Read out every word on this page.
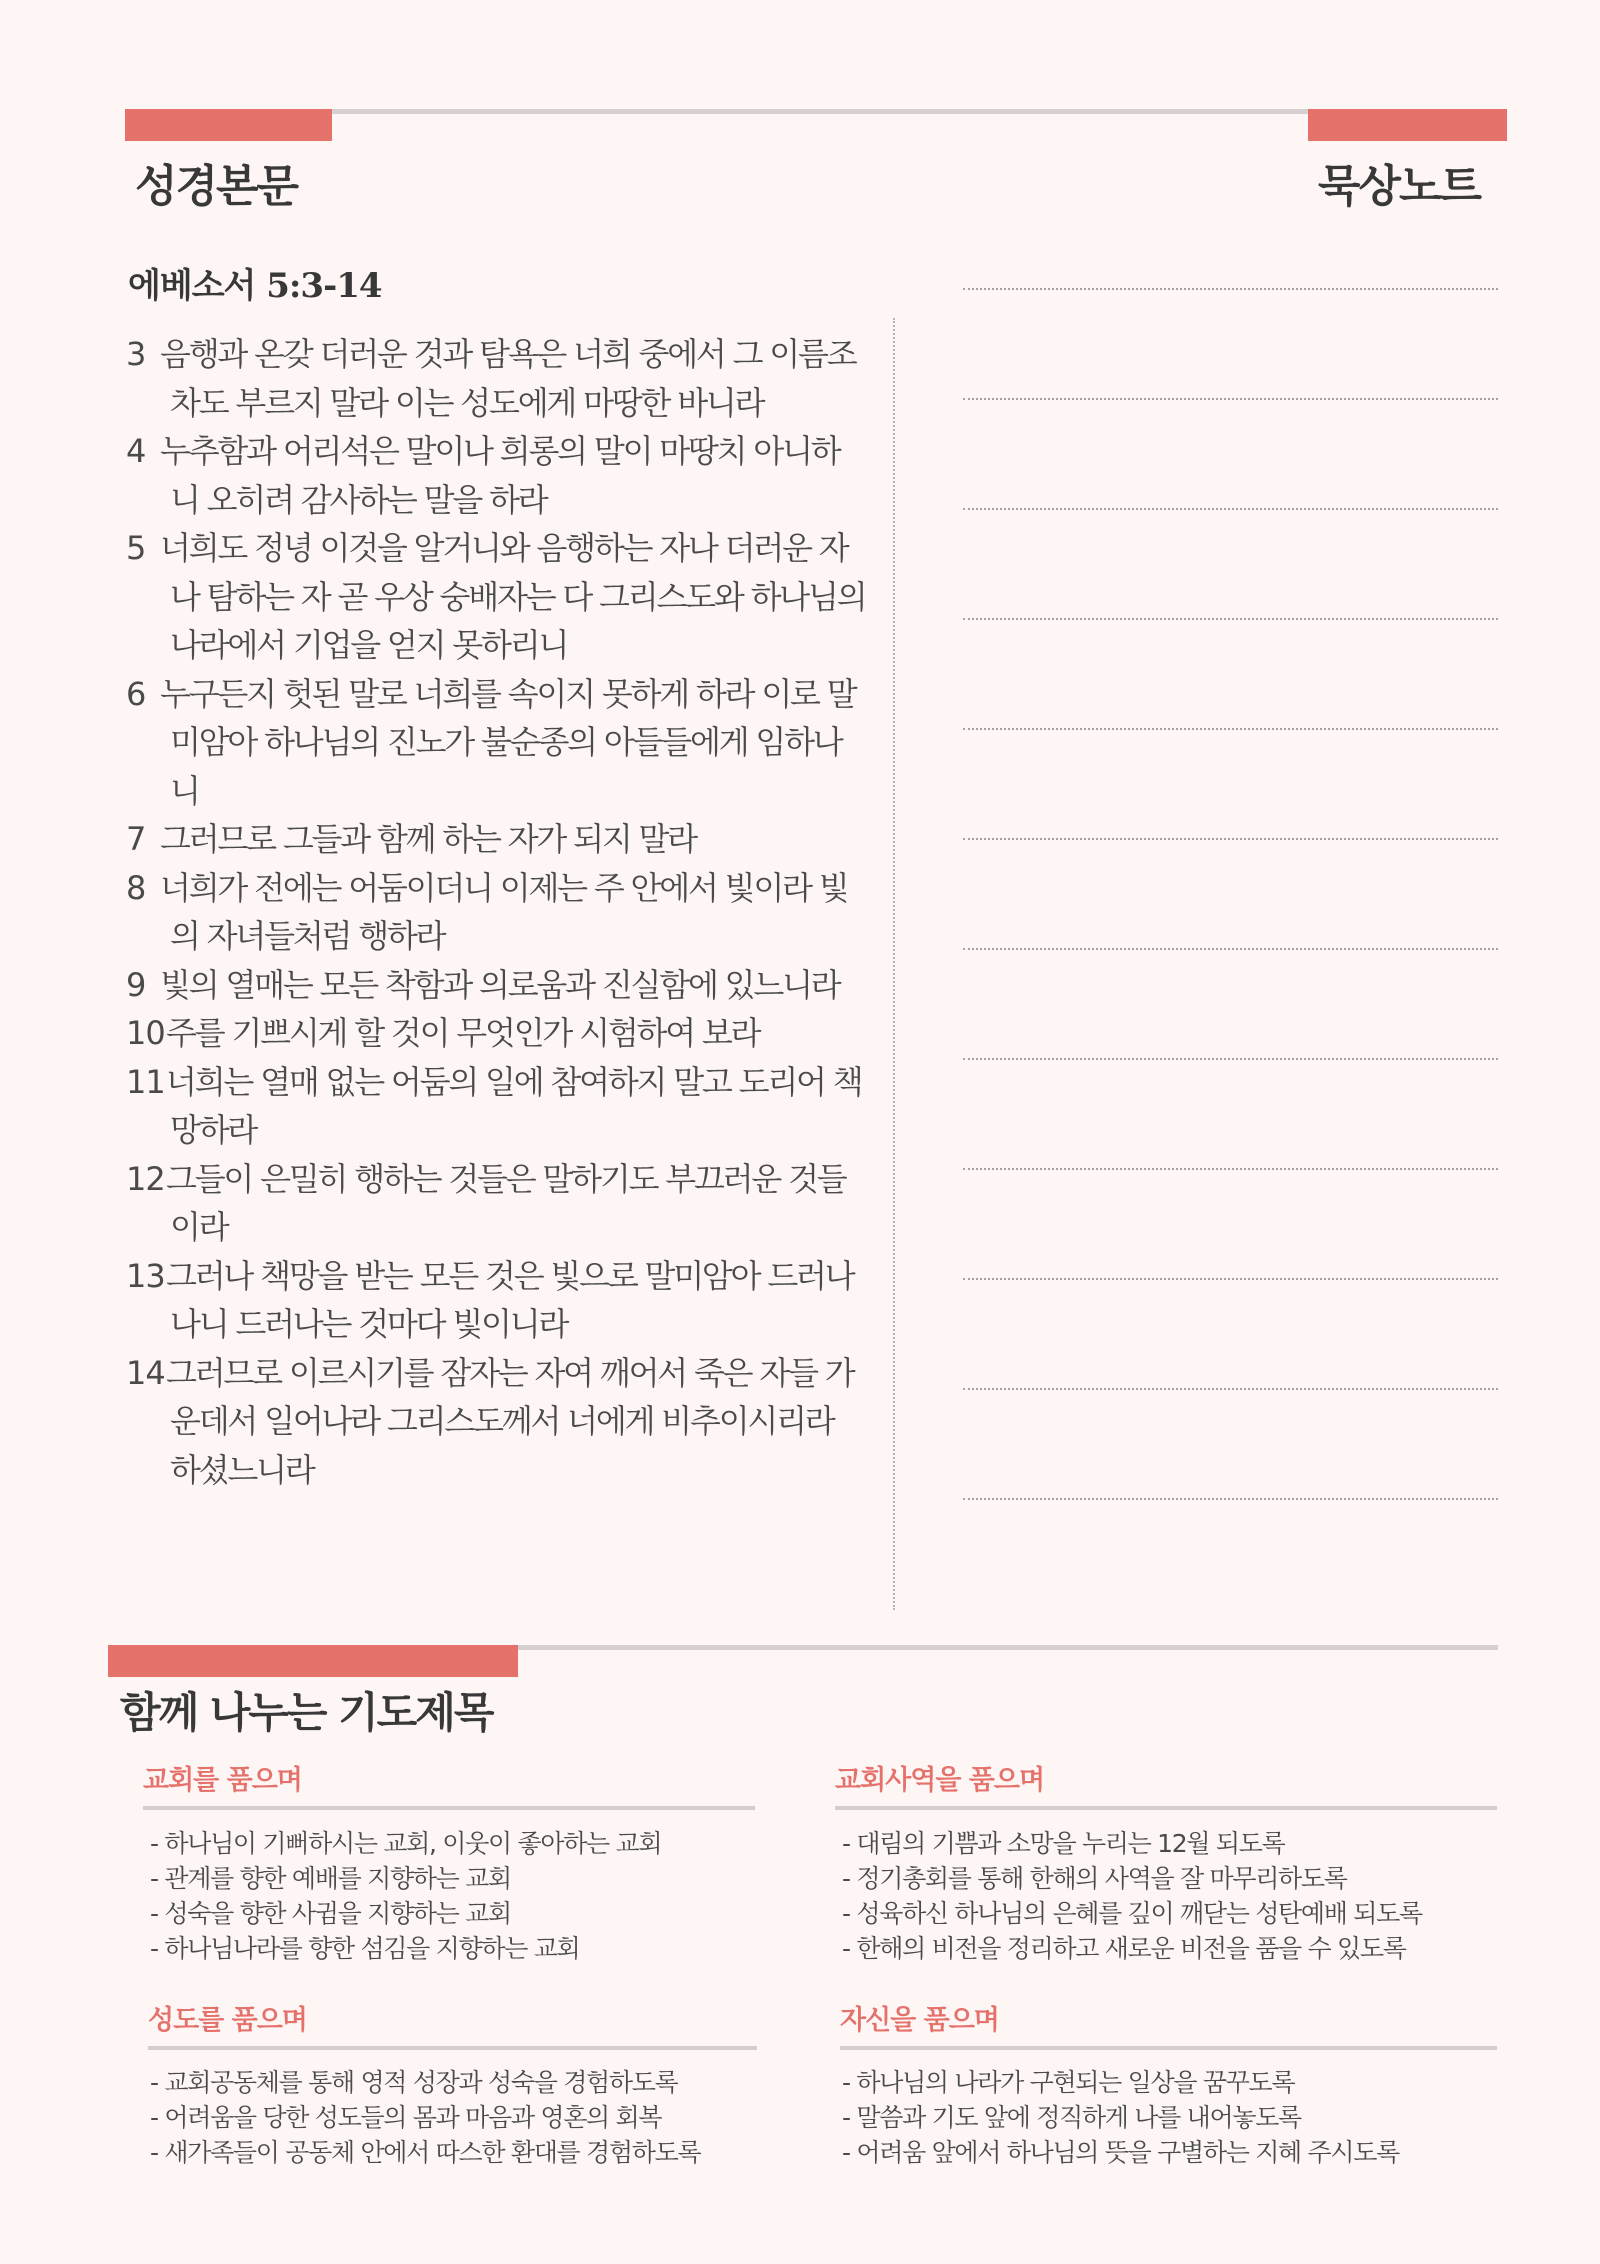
성경본문	묵상노트
에베소서 5:3-14
3 음행과 온갖 더러운 것과 탐욕은 너희 중에서 그 이름조차도 부르지 말라 이는 성도에게 마땅한 바니라
4 누추함과 어리석은 말이나 희롱의 말이 마땅치 아니하니 오히려 감사하는 말을 하라
5 너희도 정녕 이것을 알거니와 음행하는 자나 더러운 자나 탐하는 자 곧 우상 숭배자는 다 그리스도와 하나님의 나라에서 기업을 얻지 못하리니
6 누구든지 헛된 말로 너희를 속이지 못하게 하라 이로 말미암아 하나님의 진노가 불순종의 아들들에게 임하나니
7 그러므로 그들과 함께 하는 자가 되지 말라
8 너희가 전에는 어둠이더니 이제는 주 안에서 빛이라 빛의 자녀들처럼 행하라
9 빛의 열매는 모든 착함과 의로움과 진실함에 있느니라
10주를 기쁘시게 할 것이 무엇인가 시험하여 보라
11너희는 열매 없는 어둠의 일에 참여하지 말고 도리어 책망하라
12그들이 은밀히 행하는 것들은 말하기도 부끄러운 것들이라
13그러나 책망을 받는 모든 것은 빛으로 말미암아 드러나나니 드러나는 것마다 빛이니라
14그러므로 이르시기를 잠자는 자여 깨어서 죽은 자들 가운데서 일어나라 그리스도께서 너에게 비추이시리라 하셨느니라
함께 나누는 기도제목
교회를 품으며
- 하나님이 기뻐하시는 교회, 이웃이 좋아하는 교회
- 관계를 향한 예배를 지향하는 교회
- 성숙을 향한 사귐을 지향하는 교회
- 하나님나라를 향한 섬김을 지향하는 교회
교회사역을 품으며
- 대림의 기쁨과 소망을 누리는 12월 되도록
- 정기총회를 통해 한해의 사역을 잘 마무리하도록
- 성육하신 하나님의 은혜를 깊이 깨닫는 성탄예배 되도록
- 한해의 비전을 정리하고 새로운 비전을 품을 수 있도록
성도를 품으며
- 교회공동체를 통해 영적 성장과 성숙을 경험하도록
- 어려움을 당한 성도들의 몸과 마음과 영혼의 회복
- 새가족들이 공동체 안에서 따스한 환대를 경험하도록
자신을 품으며
- 하나님의 나라가 구현되는 일상을 꿈꾸도록
- 말씀과 기도 앞에 정직하게 나를 내어놓도록
- 어려움 앞에서 하나님의 뜻을 구별하는 지혜 주시도록
